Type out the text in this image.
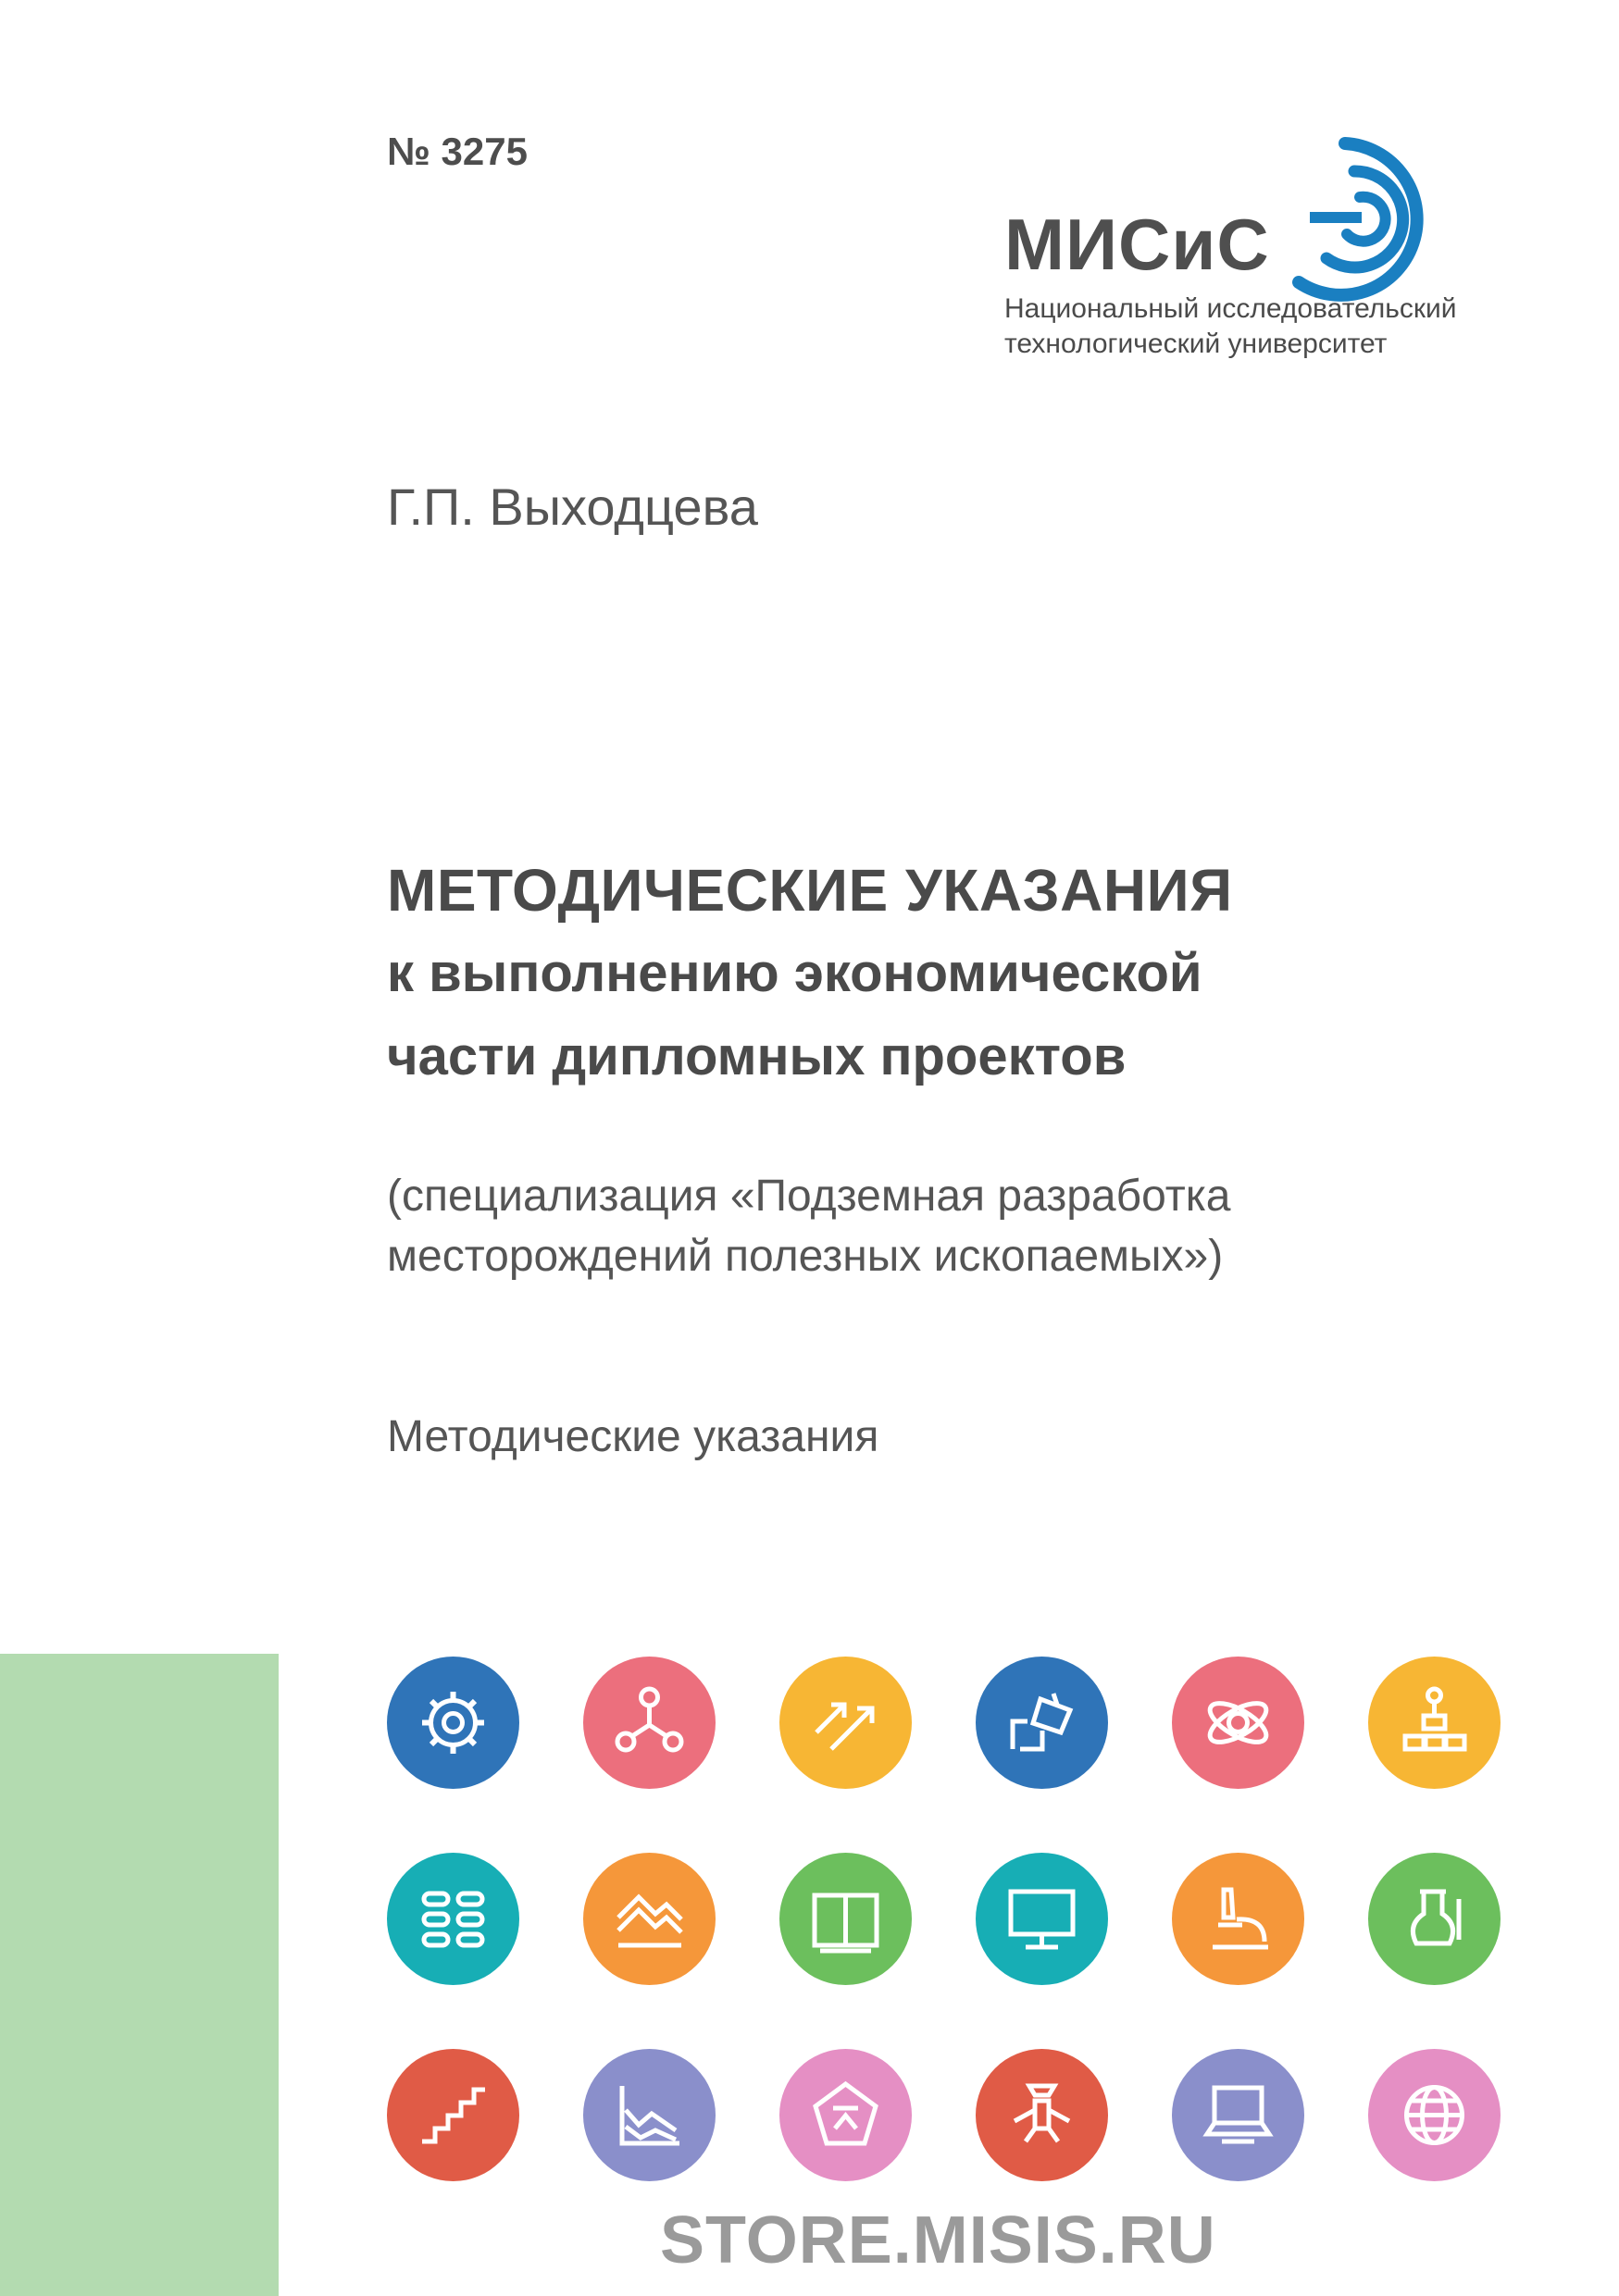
№ 3275
МИСиС
Национальный исследовательский
технологический университет
Г.П. Выходцева
МЕТОДИЧЕСКИЕ УКАЗАНИЯ
к выполнению экономической
части дипломных проектов
(специализация «Подземная разработка
месторождений полезных ископаемых»)
Методические указания
STORE.MISIS.RU
